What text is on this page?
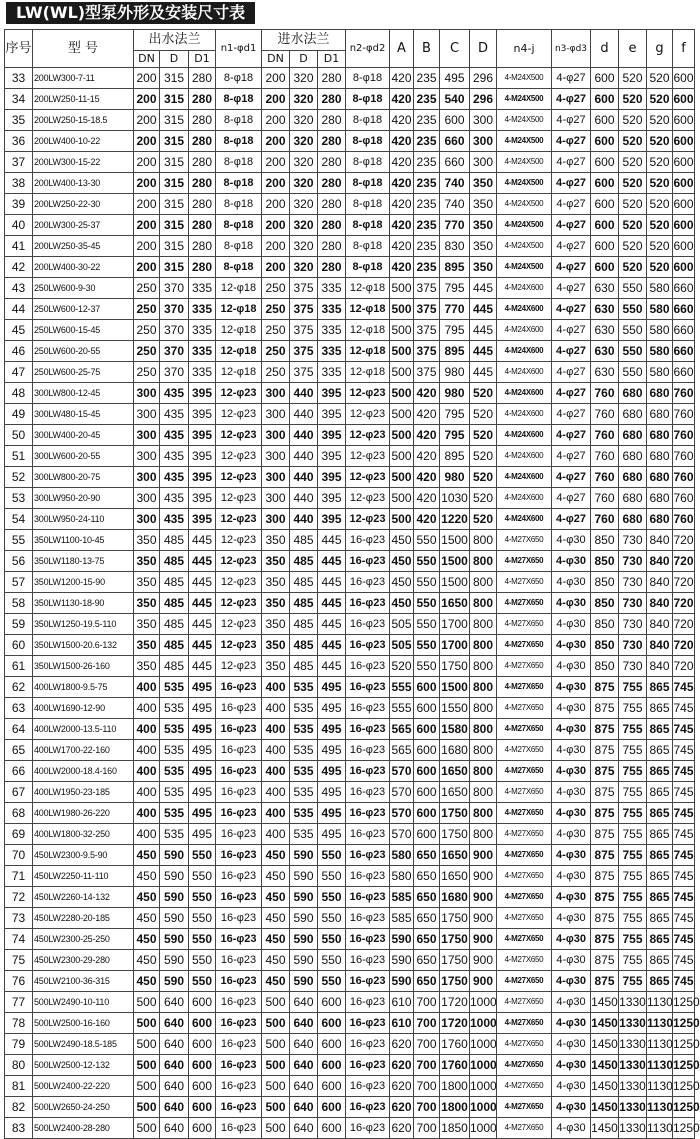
LW(WL)型泵外形及安装尺寸表
序号	型 号	出水法兰			n1-φd1	进水法兰			n2-φd2	A	B	C	D	n4-j	n3-φd3	d	e	g	f
		DN	D	D1		DN	D	D1											
33	200LW300-7-11	200	315	280	8-φ18	200	320	280	8-φ18	420	235	495	296	4-M24X500	4-φ27	600	520	520	600
34	200LW250-11-15	200	315	280	8-φ18	200	320	280	8-φ18	420	235	540	296	4-M24X500	4-φ27	600	520	520	600
35	200LW250-15-18.5	200	315	280	8-φ18	200	320	280	8-φ18	420	235	600	300	4-M24X500	4-φ27	600	520	520	600
36	200LW400-10-22	200	315	280	8-φ18	200	320	280	8-φ18	420	235	660	300	4-M24X500	4-φ27	600	520	520	600
37	200LW300-15-22	200	315	280	8-φ18	200	320	280	8-φ18	420	235	660	300	4-M24X500	4-φ27	600	520	520	600
38	200LW400-13-30	200	315	280	8-φ18	200	320	280	8-φ18	420	235	740	350	4-M24X500	4-φ27	600	520	520	600
39	200LW250-22-30	200	315	280	8-φ18	200	320	280	8-φ18	420	235	740	350	4-M24X500	4-φ27	600	520	520	600
40	200LW300-25-37	200	315	280	8-φ18	200	320	280	8-φ18	420	235	770	350	4-M24X500	4-φ27	600	520	520	600
41	200LW250-35-45	200	315	280	8-φ18	200	320	280	8-φ18	420	235	830	350	4-M24X500	4-φ27	600	520	520	600
42	200LW400-30-22	200	315	280	8-φ18	200	320	280	8-φ18	420	235	895	350	4-M24X500	4-φ27	600	520	520	600
43	250LW600-9-30	250	370	335	12-φ18	250	375	335	12-φ18	500	375	795	445	4-M24X600	4-φ27	630	550	580	660
44	250LW600-12-37	250	370	335	12-φ18	250	375	335	12-φ18	500	375	770	445	4-M24X600	4-φ27	630	550	580	660
45	250LW600-15-45	250	370	335	12-φ18	250	375	335	12-φ18	500	375	795	445	4-M24X600	4-φ27	630	550	580	660
46	250LW600-20-55	250	370	335	12-φ18	250	375	335	12-φ18	500	375	895	445	4-M24X600	4-φ27	630	550	580	660
47	250LW600-25-75	250	370	335	12-φ18	250	375	335	12-φ18	500	375	980	445	4-M24X600	4-φ27	630	550	580	660
48	300LW800-12-45	300	435	395	12-φ23	300	440	395	12-φ23	500	420	980	520	4-M24X600	4-φ27	760	680	680	760
49	300LW480-15-45	300	435	395	12-φ23	300	440	395	12-φ23	500	420	795	520	4-M24X600	4-φ27	760	680	680	760
50	300LW400-20-45	300	435	395	12-φ23	300	440	395	12-φ23	500	420	795	520	4-M24X600	4-φ27	760	680	680	760
51	300LW600-20-55	300	435	395	12-φ23	300	440	395	12-φ23	500	420	895	520	4-M24X600	4-φ27	760	680	680	760
52	300LW800-20-75	300	435	395	12-φ23	300	440	395	12-φ23	500	420	980	520	4-M24X600	4-φ27	760	680	680	760
53	300LW950-20-90	300	435	395	12-φ23	300	440	395	12-φ23	500	420	1030	520	4-M24X600	4-φ27	760	680	680	760
54	300LW950-24-110	300	435	395	12-φ23	300	440	395	12-φ23	500	420	1220	520	4-M24X600	4-φ27	760	680	680	760
55	350LW1100-10-45	350	485	445	12-φ23	350	485	445	16-φ23	450	550	1500	800	4-M27X650	4-φ30	850	730	840	720
56	350LW1180-13-75	350	485	445	12-φ23	350	485	445	16-φ23	450	550	1500	800	4-M27X650	4-φ30	850	730	840	720
57	350LW1200-15-90	350	485	445	12-φ23	350	485	445	16-φ23	450	550	1500	800	4-M27X650	4-φ30	850	730	840	720
58	350LW1130-18-90	350	485	445	12-φ23	350	485	445	16-φ23	450	550	1650	800	4-M27X650	4-φ30	850	730	840	720
59	350LW1250-19.5-110	350	485	445	12-φ23	350	485	445	16-φ23	505	550	1700	800	4-M27X650	4-φ30	850	730	840	720
60	350LW1500-20.6-132	350	485	445	12-φ23	350	485	445	16-φ23	505	550	1700	800	4-M27X650	4-φ30	850	730	840	720
61	350LW1500-26-160	350	485	445	12-φ23	350	485	445	16-φ23	520	550	1750	800	4-M27X650	4-φ30	850	730	840	720
62	400LW1800-9.5-75	400	535	495	16-φ23	400	535	495	16-φ23	555	600	1500	800	4-M27X650	4-φ30	875	755	865	745
63	400LW1690-12-90	400	535	495	16-φ23	400	535	495	16-φ23	555	600	1550	800	4-M27X650	4-φ30	875	755	865	745
64	400LW2000-13.5-110	400	535	495	16-φ23	400	535	495	16-φ23	565	600	1580	800	4-M27X650	4-φ30	875	755	865	745
65	400LW1700-22-160	400	535	495	16-φ23	400	535	495	16-φ23	565	600	1680	800	4-M27X650	4-φ30	875	755	865	745
66	400LW2000-18.4-160	400	535	495	16-φ23	400	535	495	16-φ23	570	600	1650	800	4-M27X650	4-φ30	875	755	865	745
67	400LW1950-23-185	400	535	495	16-φ23	400	535	495	16-φ23	570	600	1650	800	4-M27X650	4-φ30	875	755	865	745
68	400LW1980-26-220	400	535	495	16-φ23	400	535	495	16-φ23	570	600	1750	800	4-M27X650	4-φ30	875	755	865	745
69	400LW1800-32-250	400	535	495	16-φ23	400	535	495	16-φ23	570	600	1750	800	4-M27X650	4-φ30	875	755	865	745
70	450LW2300-9.5-90	450	590	550	16-φ23	450	590	550	16-φ23	580	650	1650	900	4-M27X650	4-φ30	875	755	865	745
71	450LW2250-11-110	450	590	550	16-φ23	450	590	550	16-φ23	580	650	1650	900	4-M27X650	4-φ30	875	755	865	745
72	450LW2260-14-132	450	590	550	16-φ23	450	590	550	16-φ23	585	650	1680	900	4-M27X650	4-φ30	875	755	865	745
73	450LW2280-20-185	450	590	550	16-φ23	450	590	550	16-φ23	585	650	1750	900	4-M27X650	4-φ30	875	755	865	745
74	450LW2300-25-250	450	590	550	16-φ23	450	590	550	16-φ23	590	650	1750	900	4-M27X650	4-φ30	875	755	865	745
75	450LW2300-29-280	450	590	550	16-φ23	450	590	550	16-φ23	590	650	1750	900	4-M27X650	4-φ30	875	755	865	745
76	450LW2100-36-315	450	590	550	16-φ23	450	590	550	16-φ23	590	650	1750	900	4-M27X650	4-φ30	875	755	865	745
77	500LW2490-10-110	500	640	600	16-φ23	500	640	600	16-φ23	610	700	1720	1000	4-M27X650	4-φ30	1450	1330	1130	1250
78	500LW2500-16-160	500	640	600	16-φ23	500	640	600	16-φ23	610	700	1720	1000	4-M27X650	4-φ30	1450	1330	1130	1250
79	500LW2490-18.5-185	500	640	600	16-φ23	500	640	600	16-φ23	620	700	1760	1000	4-M27X650	4-φ30	1450	1330	1130	1250
80	500LW2500-12-132	500	640	600	16-φ23	500	640	600	16-φ23	620	700	1760	1000	4-M27X650	4-φ30	1450	1330	1130	1250
81	500LW2400-22-220	500	640	600	16-φ23	500	640	600	16-φ23	620	700	1800	1000	4-M27X650	4-φ30	1450	1330	1130	1250
82	500LW2650-24-250	500	640	600	16-φ23	500	640	600	16-φ23	620	700	1800	1000	4-M27X650	4-φ30	1450	1330	1130	1250
83	500LW2400-28-280	500	640	600	16-φ23	500	640	600	16-φ23	620	700	1850	1000	4-M27X650	4-φ30	1450	1330	1130	1250
